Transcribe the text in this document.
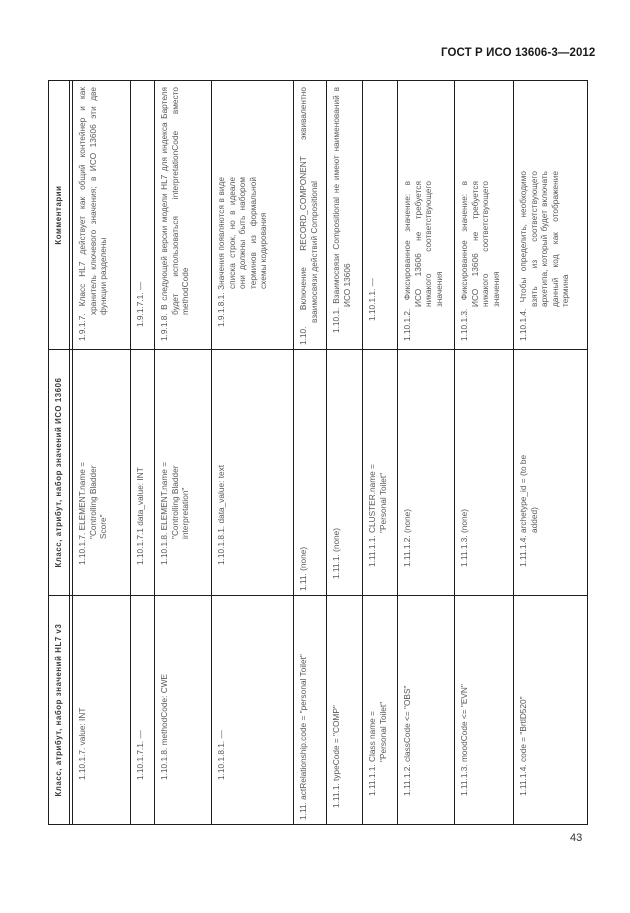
ГОСТ Р ИСО 13606-3—2012
Класс, атрибут, набор значений HL7 v3	Класс, атрибут, набор значений ИСО 13606	Комментарии

1.10.1.7. value: INT	1.10.1.7. ELEMENT.name = "Controlling Bladder Score"	1.9.1.7. Класс HL7 действует как общий контейнер и как хранитель ключевого значения; в ИСО 13606 эти две функции разделены

1.10.1.7.1. —	1.10.1.7.1 data_value: INT	1.9.1.7.1. —

1.10.1.8. methodCode: CWE	1.10.1.8. ELEMENT.name = "Controlling Bladder interpretation"	1.9.1.8. В следующей версии модели HL7 для индекса Бартеля будет использоваться interpretationCode вместо methodCode

1.10.1.8.1. —	1.10.1.8.1. data_value: text	1.9.1.8.1. Значения появляются в виде списка строк, но в идеале они должны быть набором терминов из формальной схемы кодирования

1.11. actRelationship.code = "personal Toilet"	1.11. (none)	1.10. Включение RECORD_COMPONENT эквивалентно взаимосвязи действий Compositional

1.11.1. typeCode = "COMP"	1.11.1. (none)	1.10.1. Взаимосвязи Compositional не имеют наименований в ИСО 13606

1.11.1.1. Class name = "Personal Toilet"	1.11.1.1. CLUSTER.name = "Personal Toilet"	1.10.1.1. —

1.11.1.2. classCode <= "OBS"	1.11.1.2. (none)	1.10.1.2. Фиксированное значение: в ИСО 13606 не требуется никакого соответствующего значения

1.11.1.3. moodCode <= "EVN"	1.11.1.3. (none)	1.10.1.3. Фиксированное значение: в ИСО 13606 не требуется никакого соответствующего значения

1.11.1.4. code = "BrtlD520"	1.11.1.4. archetype_id = (to be added)	1.10.1.4. Чтобы определить, необходимо взять из соответствующего архетипа, который будет включать данный код как отображение термина
43
